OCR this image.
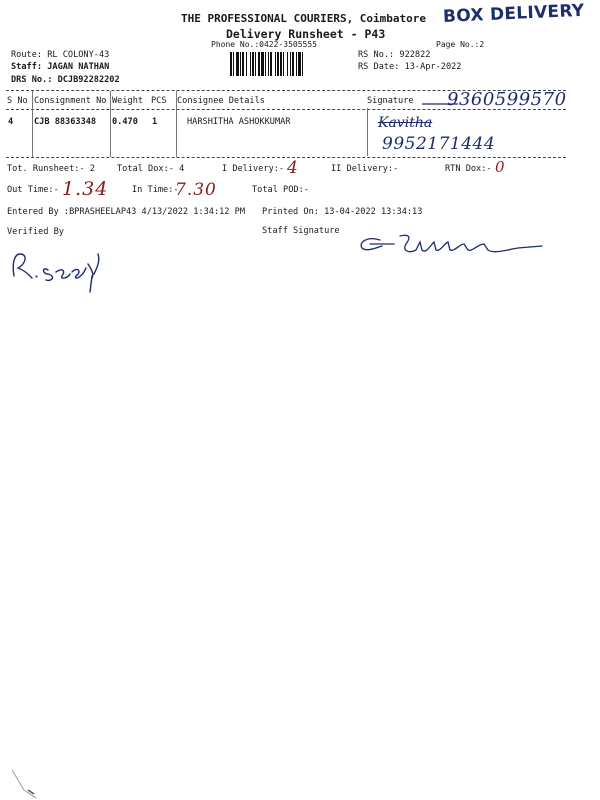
THE PROFESSIONAL COURIERS, Coimbatore
Delivery Runsheet - P43
Phone No.:0422-3505555	Page No.:2
BOX DELIVERY
Route: RL COLONY-43
Staff: JAGAN NATHAN
DRS No.: DCJB92282202
RS No.: 922822
RS Date: 13-Apr-2022
S No Consignment No Weight PCS Consignee Details	Signature
4 CJB 88363348 0.470 1	HARSHITHA ASHOKKUMAR
9360599570
Kavitha
9952171444
Tot. Runsheet:- 2	Total Dox:- 4	I Delivery:- 4	II Delivery:-	RTN Dox:- 0
Out Time:- 1.34	In Time:-
7.30	Total POD:-
Entered By :BPRASHEELAP43 4/13/2022 1:34:12 PM Printed On: 13-04-2022 13:34:13
Verified By	Staff Signature
